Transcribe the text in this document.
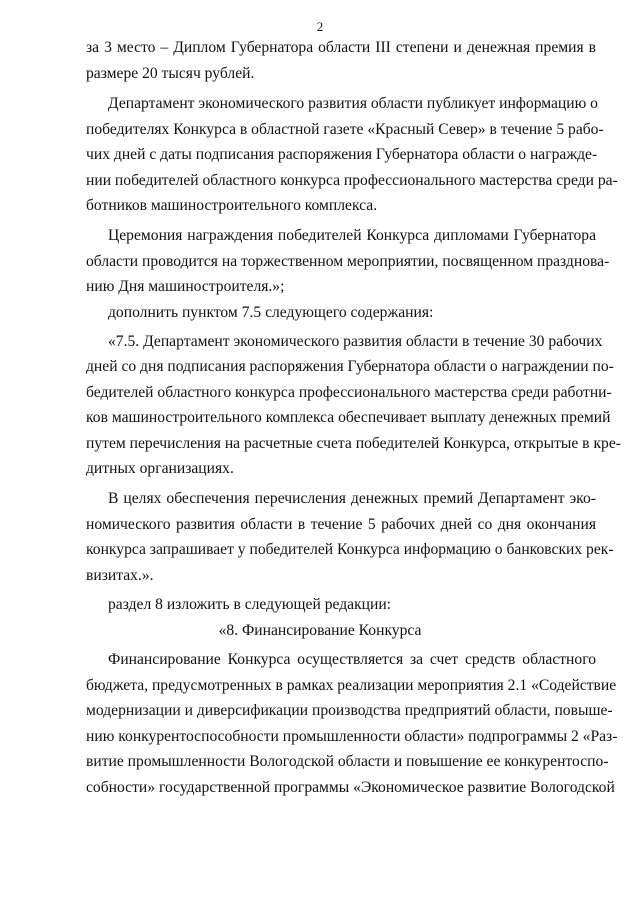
2
за 3 место – Диплом Губернатора области III степени и денежная премия в
размере 20 тысяч рублей.
Департамент экономического развития области публикует информацию о
победителях Конкурса в областной газете «Красный Север» в течение 5 рабо-
чих дней с даты подписания распоряжения Губернатора области о награжде-
нии победителей областного конкурса профессионального мастерства среди ра-
ботников машиностроительного комплекса.
Церемония награждения победителей Конкурса дипломами Губернатора
области проводится на торжественном мероприятии, посвященном празднова-
нию Дня машиностроителя.»;
дополнить пунктом 7.5 следующего содержания:
«7.5. Департамент экономического развития области в течение 30 рабочих
дней со дня подписания распоряжения Губернатора области о награждении по-
бедителей областного конкурса профессионального мастерства среди работни-
ков машиностроительного комплекса обеспечивает выплату денежных премий
путем перечисления на расчетные счета победителей Конкурса, открытые в кре-
дитных организациях.
В целях обеспечения перечисления денежных премий Департамент эко-
номического развития области в течение 5 рабочих дней со дня окончания
конкурса запрашивает у победителей Конкурса информацию о банковских рек-
визитах.».
раздел 8 изложить в следующей редакции:
«8. Финансирование Конкурса
Финансирование Конкурса осуществляется за счет средств областного
бюджета, предусмотренных в рамках реализации мероприятия 2.1 «Содействие
модернизации и диверсификации производства предприятий области, повыше-
нию конкурентоспособности промышленности области» подпрограммы 2 «Раз-
витие промышленности Вологодской области и повышение ее конкурентоспо-
собности» государственной программы «Экономическое развитие Вологодской
